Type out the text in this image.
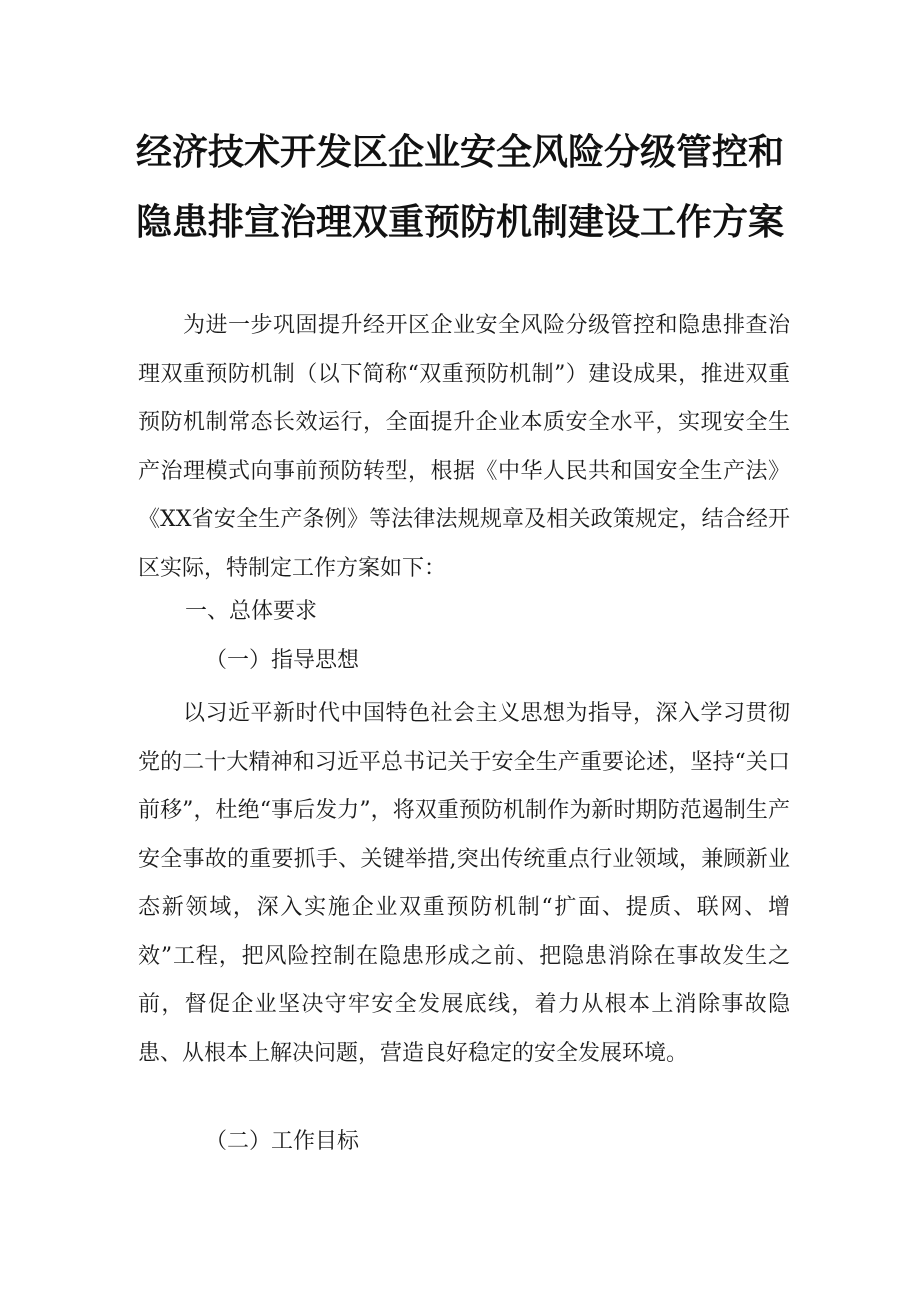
经济技术开发区企业安全风险分级管控和
隐患排宣治理双重预防机制建设工作方案

为进一步巩固提升经开区企业安全风险分级管控和隐患排查治理双重预防机制（以下简称“双重预防机制”）建设成果，推进双重预防机制常态长效运行，全面提升企业本质安全水平，实现安全生产治理模式向事前预防转型，根据《中华人民共和国安全生产法》《XX省安全生产条例》等法律法规规章及相关政策规定，结合经开区实际，特制定工作方案如下：

一、总体要求

（一）指导思想

以习近平新时代中国特色社会主义思想为指导，深入学习贯彻党的二十大精神和习近平总书记关于安全生产重要论述，坚持“关口前移”，杜绝“事后发力”，将双重预防机制作为新时期防范遏制生产安全事故的重要抓手、关键举措,突出传统重点行业领域，兼顾新业态新领域，深入实施企业双重预防机制“扩面、提质、联网、增效”工程，把风险控制在隐患形成之前、把隐患消除在事故发生之前，督促企业坚决守牢安全发展底线，着力从根本上消除事故隐患、从根本上解决问题，营造良好稳定的安全发展环境。

（二）工作目标
